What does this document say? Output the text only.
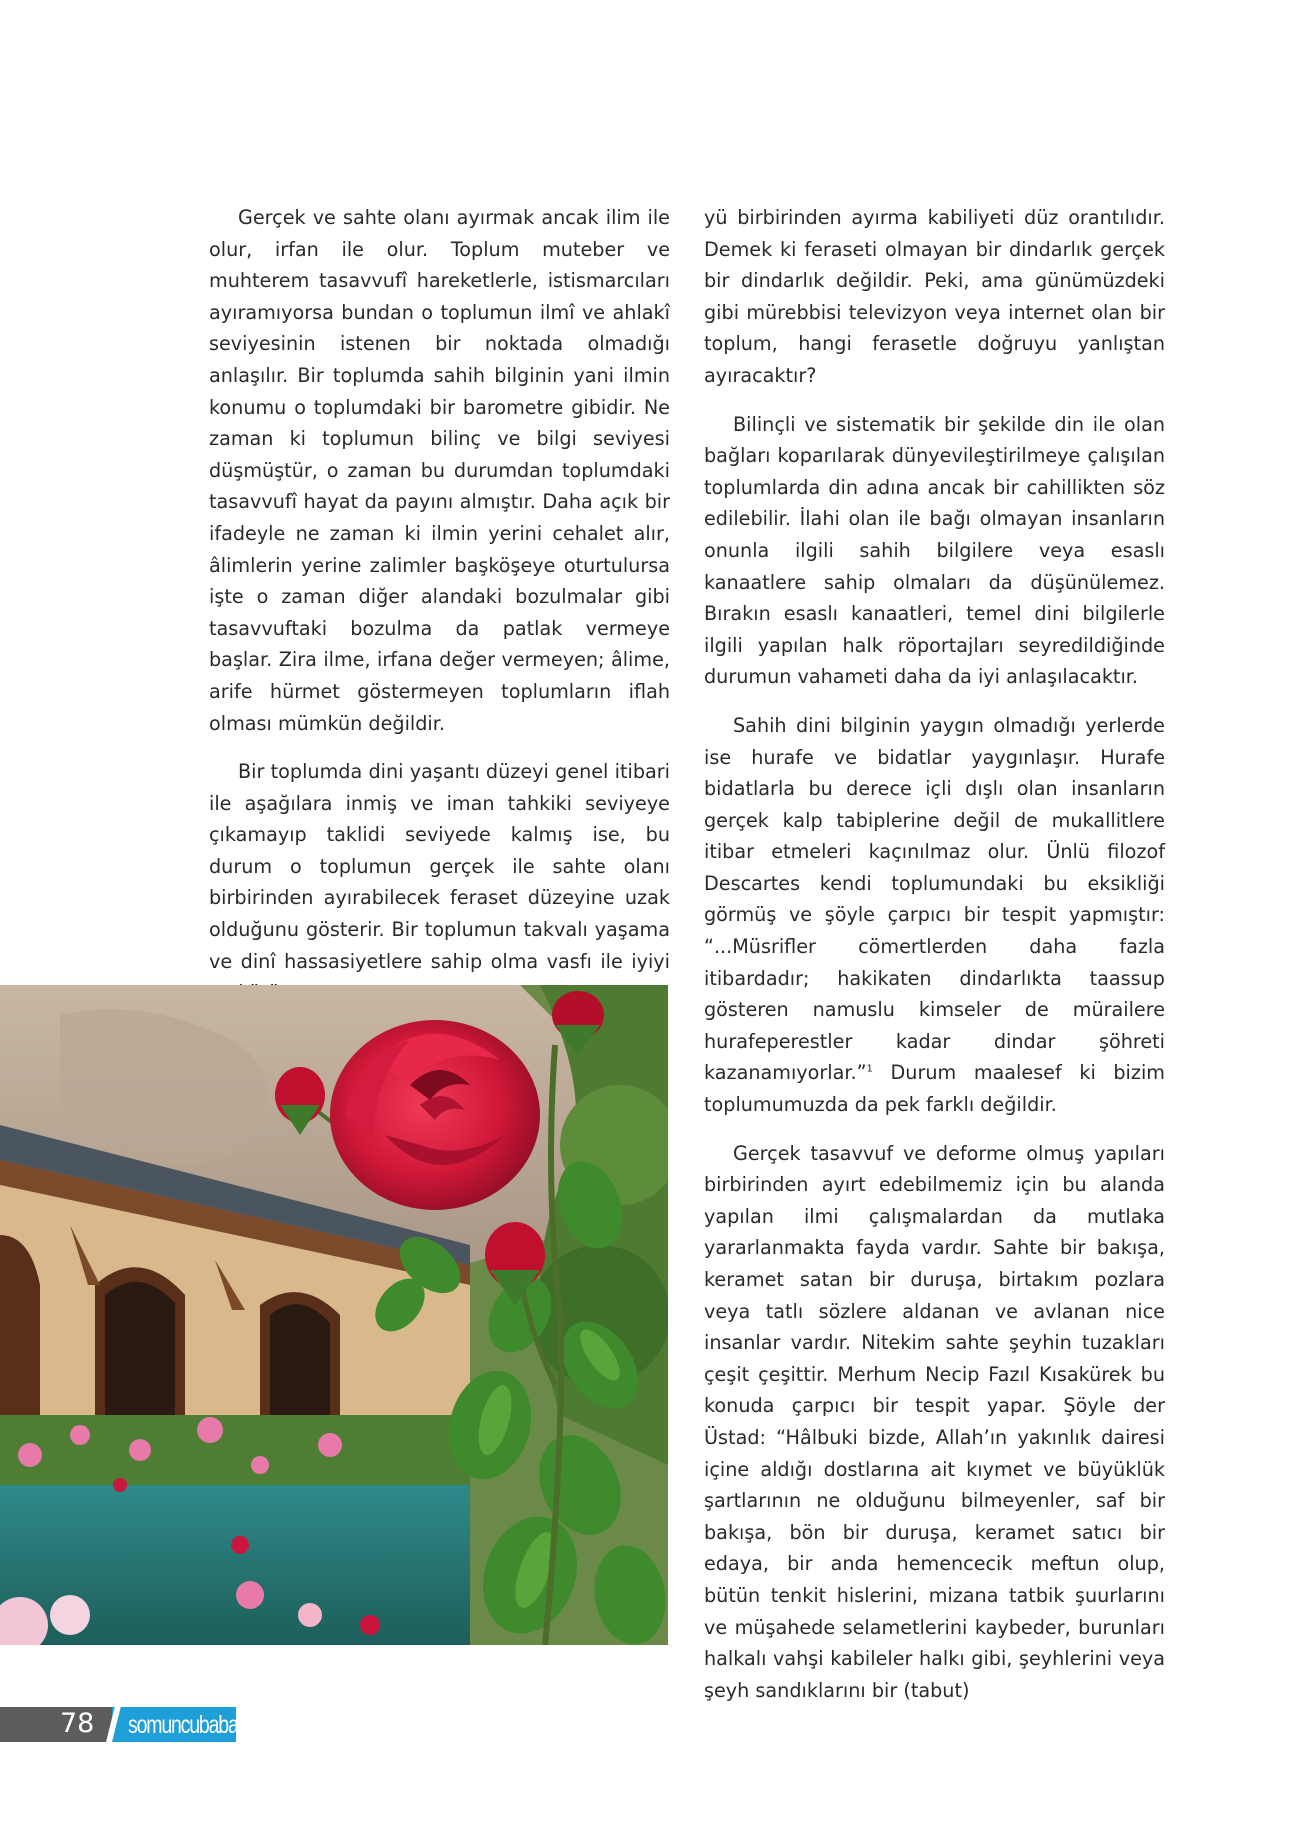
Gerçek ve sahte olanı ayırmak ancak ilim ile olur, irfan ile olur. Toplum muteber ve muhterem tasavvufî hareketlerle, istismarcıları ayıramıyorsa bundan o toplumun ilmî ve ahlakî seviyesinin istenen bir noktada olmadığı anlaşılır. Bir toplumda sahih bilginin yani ilmin konumu o toplumdaki bir barometre gibidir. Ne zaman ki toplumun bilinç ve bilgi seviyesi düşmüştür, o zaman bu durumdan toplumdaki tasavvufî hayat da payını almıştır. Daha açık bir ifadeyle ne zaman ki ilmin yerini cehalet alır, âlimlerin yerine zalimler başköşeye oturtulursa işte o zaman diğer alandaki bozulmalar gibi tasavvuftaki bozulma da patlak vermeye başlar. Zira ilme, irfana değer vermeyen; âlime, arife hürmet göstermeyen toplumların iflah olması mümkün değildir.

Bir toplumda dini yaşantı düzeyi genel itibari ile aşağılara inmiş ve iman tahkiki seviyeye çıkamayıp taklidi seviyede kalmış ise, bu durum o toplumun gerçek ile sahte olanı birbirinden ayırabilecek feraset düzeyine uzak olduğunu gösterir. Bir toplumun takvalı yaşama ve dinî hassasiyetlere sahip olma vasfı ile iyiyi

yü birbirinden ayırma kabiliyeti düz orantılıdır. Demek ki feraseti olmayan bir dindarlık gerçek bir dindarlık değildir. Peki, ama günümüzdeki gibi mürebbisi televizyon veya internet olan bir toplum, hangi ferasetle doğruyu yanlıştan ayıracaktır?

Bilinçli ve sistematik bir şekilde din ile olan bağları koparılarak dünyevileştirilmeye çalışılan toplumlarda din adına ancak bir cahillikten söz edilebilir. İlahi olan ile bağı olmayan insanların onunla ilgili sahih bilgilere veya esaslı kanaatlere sahip olmaları da düşünülemez. Bırakın esaslı kanaatleri, temel dini bilgilerle ilgili yapılan halk röportajları seyredildiğinde durumun vahameti daha da iyi anlaşılacaktır.

Sahih dini bilginin yaygın olmadığı yerlerde ise hurafe ve bidatlar yaygınlaşır. Hurafe bidatlarla bu derece içli dışlı olan insanların gerçek kalp tabiplerine değil de mukallitlere itibar etmeleri kaçınılmaz olur. Ünlü filozof Descartes kendi toplumundaki bu eksikliği görmüş ve şöyle çarpıcı bir tespit yapmıştır: “...Müsrifler cömertlerden daha fazla itibardadır; hakikaten dindarlıkta taassup gösteren namuslu kimseler de mürailere hurafeperestler kadar dindar şöhreti kazanamıyorlar.”$^1$ Durum maalesef ki bizim toplumumuzda da pek farklı değildir.

Gerçek tasavvuf ve deforme olmuş yapıları birbirinden ayırt edebilmemiz için bu alanda yapılan ilmi çalışmalardan da mutlaka yararlanmakta fayda vardır. Sahte bir bakışa, keramet satan bir duruşa, birtakım pozlara veya tatlı sözlere aldanan ve avlanan nice insanlar vardır. Nitekim sahte şeyhin tuzakları çeşit çeşittir. Merhum Necip Fazıl Kısakürek bu konuda çarpıcı bir tespit yapar. Şöyle der Üstad: “Hâlbuki bizde, Allah’ın yakınlık dairesi içine aldığı dostlarına ait kıymet ve büyüklük şartlarının ne olduğunu bilmeyenler, saf bir bakışa, bön bir duruşa, keramet satıcı bir edaya, bir anda hemencecik meftun olup, bütün tenkit hislerini, mizana tatbik şuurlarını ve müşahede selametlerini kaybeder, burunları halkalı vahşi kabileler halkı gibi, şeyhlerini veya şeyh sandıklarını bir (tabut)

78 somuncubaba
